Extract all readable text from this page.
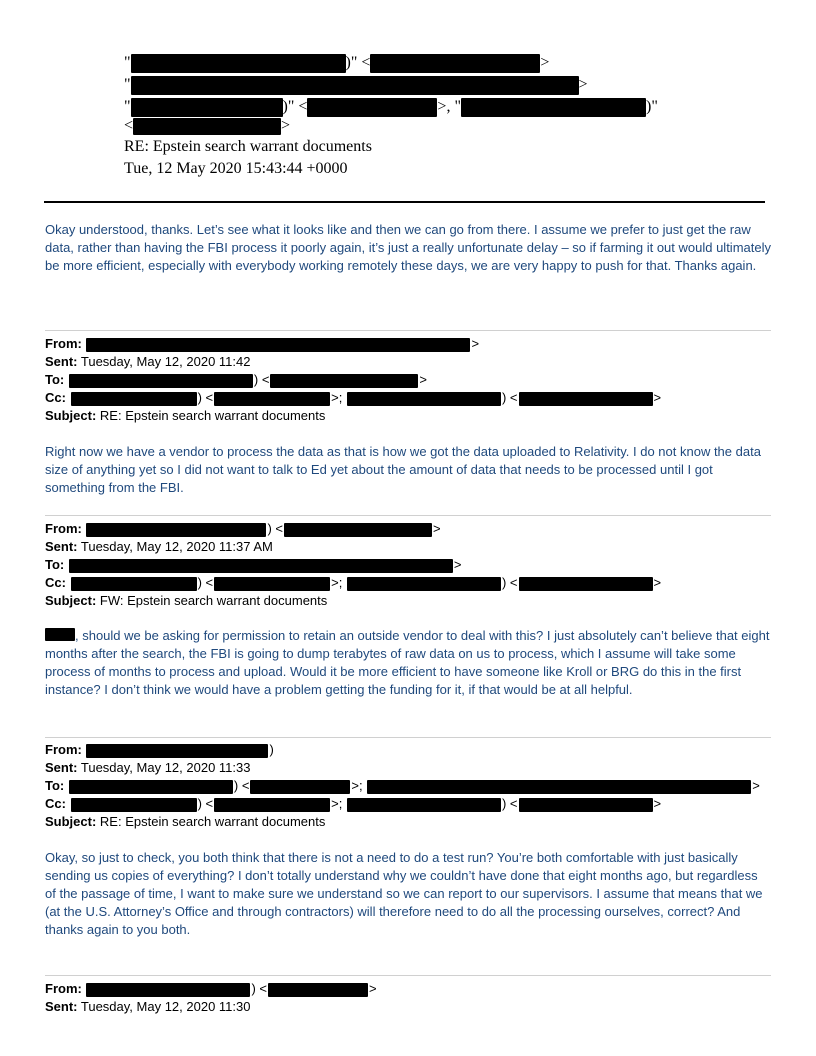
"	)" <	>
"	>
"	)" <	>, "	)"
<	>
RE: Epstein search warrant documents
Tue, 12 May 2020 15:43:44 +0000
Okay understood, thanks. Let’s see what it looks like and then we can go from there. I assume we prefer to just get the raw data, rather than having the FBI process it poorly again, it’s just a really unfortunate delay – so if farming it out would ultimately be more efficient, especially with everybody working remotely these days, we are very happy to push for that. Thanks again.
From:	>
Sent: Tuesday, May 12, 2020 11:42
To:	) <	>
Cc:	) <	>;	) <	>
Subject: RE: Epstein search warrant documents
Right now we have a vendor to process the data as that is how we got the data uploaded to Relativity. I do not know the data size of anything yet so I did not want to talk to Ed yet about the amount of data that needs to be processed until I got something from the FBI.
From:	) <	>
Sent: Tuesday, May 12, 2020 11:37 AM
To:	>
Cc:	) <	>;	) <	>
Subject: FW: Epstein search warrant documents
, should we be asking for permission to retain an outside vendor to deal with this? I just absolutely can’t believe that eight months after the search, the FBI is going to dump terabytes of raw data on us to process, which I assume will take some process of months to process and upload. Would it be more efficient to have someone like Kroll or BRG do this in the first instance? I don’t think we would have a problem getting the funding for it, if that would be at all helpful.
From:	)
Sent: Tuesday, May 12, 2020 11:33
To:	) <	>;	>
Cc:	) <	>;	) <	>
Subject: RE: Epstein search warrant documents
Okay, so just to check, you both think that there is not a need to do a test run? You’re both comfortable with just basically sending us copies of everything? I don’t totally understand why we couldn’t have done that eight months ago, but regardless of the passage of time, I want to make sure we understand so we can report to our supervisors. I assume that means that we (at the U.S. Attorney’s Office and through contractors) will therefore need to do all the processing ourselves, correct? And thanks again to you both.
From:	) <	>
Sent: Tuesday, May 12, 2020 11:30
